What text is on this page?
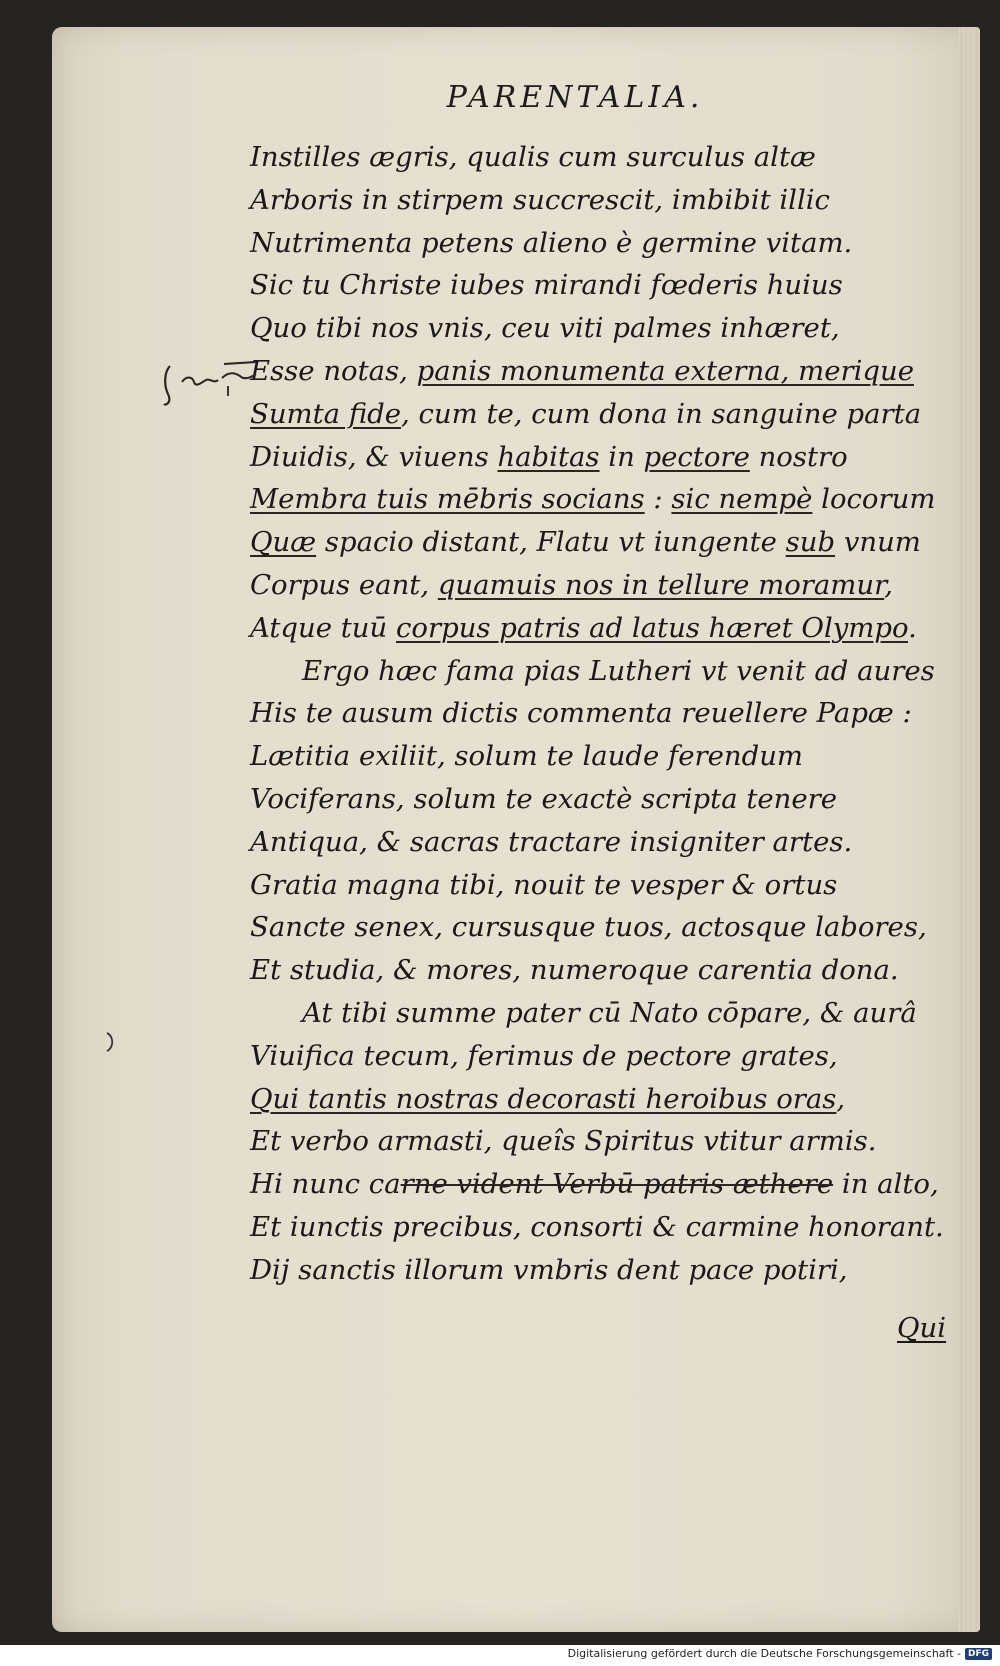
PARENTALIA.
Instilles ægris, qualis cum surculus altæ
Arboris in stirpem succrescit, imbibit illic
Nutrimenta petens alieno è germine vitam.
Sic tu Christe iubes mirandi fœderis huius
Quo tibi nos vnis, ceu viti palmes inhæret,
Esse notas, panis monumenta externa, merique
Sumta fide, cum te, cum dona in sanguine parta
Diuidis, & viuens habitas in pectore nostro
Membra tuis mēbris socians : sic nempè locorum
Quæ spacio distant, Flatu vt iungente sub vnum
Corpus eant, quamuis nos in tellure moramur,
Atque tuū corpus patris ad latus hæret Olympo.
Ergo hæc fama pias Lutheri vt venit ad aures
His te ausum dictis commenta reuellere Papæ :
Lætitia exiliit, solum te laude ferendum
Vociferans, solum te exactè scripta tenere
Antiqua, & sacras tractare insigniter artes.
Gratia magna tibi, nouit te vesper & ortus
Sancte senex, cursusque tuos, actosque labores,
Et studia, & mores, numeroque carentia dona.
At tibi summe pater cū Nato cōpare, & aurâ
Viuifica tecum, ferimus de pectore grates,
Qui tantis nostras decorasti heroibus oras,
Et verbo armasti, queîs Spiritus vtitur armis.
Hi nunc carne vident Verbū patris æthere in alto,
Et iunctis precibus, consorti & carmine honorant.
Dij sanctis illorum vmbris dent pace potiri,
Qui
Digitalisierung gefördert durch die Deutsche Forschungsgemeinschaft - DFG
